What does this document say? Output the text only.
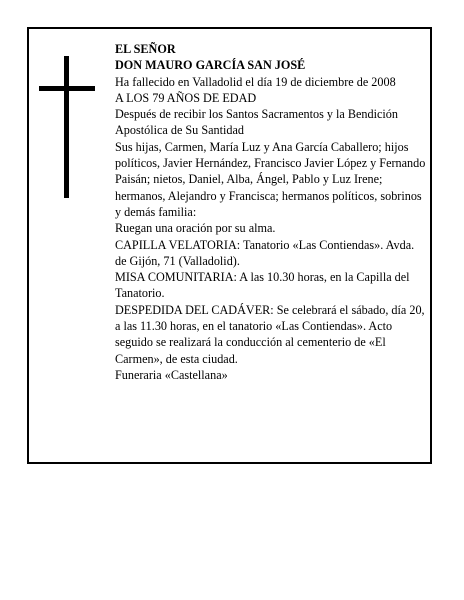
EL SEÑOR

DON MAURO GARCÍA SAN JOSÉ

Ha fallecido en Valladolid el día 19 de diciembre de 2008

A LOS 79 AÑOS DE EDAD

Después de recibir los Santos Sacramentos y la Bendición Apostólica de Su Santidad

Sus hijas, Carmen, María Luz y Ana García Caballero; hijos políticos, Javier Hernández, Francisco Javier López y Fernando Paisán; nietos, Daniel, Alba, Ángel, Pablo y Luz Irene; hermanos, Alejandro y Francisca; hermanos políticos, sobrinos y demás familia:

Ruegan una oración por su alma.

CAPILLA VELATORIA: Tanatorio «Las Contiendas». Avda. de Gijón, 71 (Valladolid).

MISA COMUNITARIA: A las 10.30 horas, en la Capilla del Tanatorio.

DESPEDIDA DEL CADÁVER: Se celebrará el sábado, día 20, a las 11.30 horas, en el tanatorio «Las Contiendas». Acto seguido se realizará la conducción al cementerio de «El Carmen», de esta ciudad.

Funeraria «Castellana»
